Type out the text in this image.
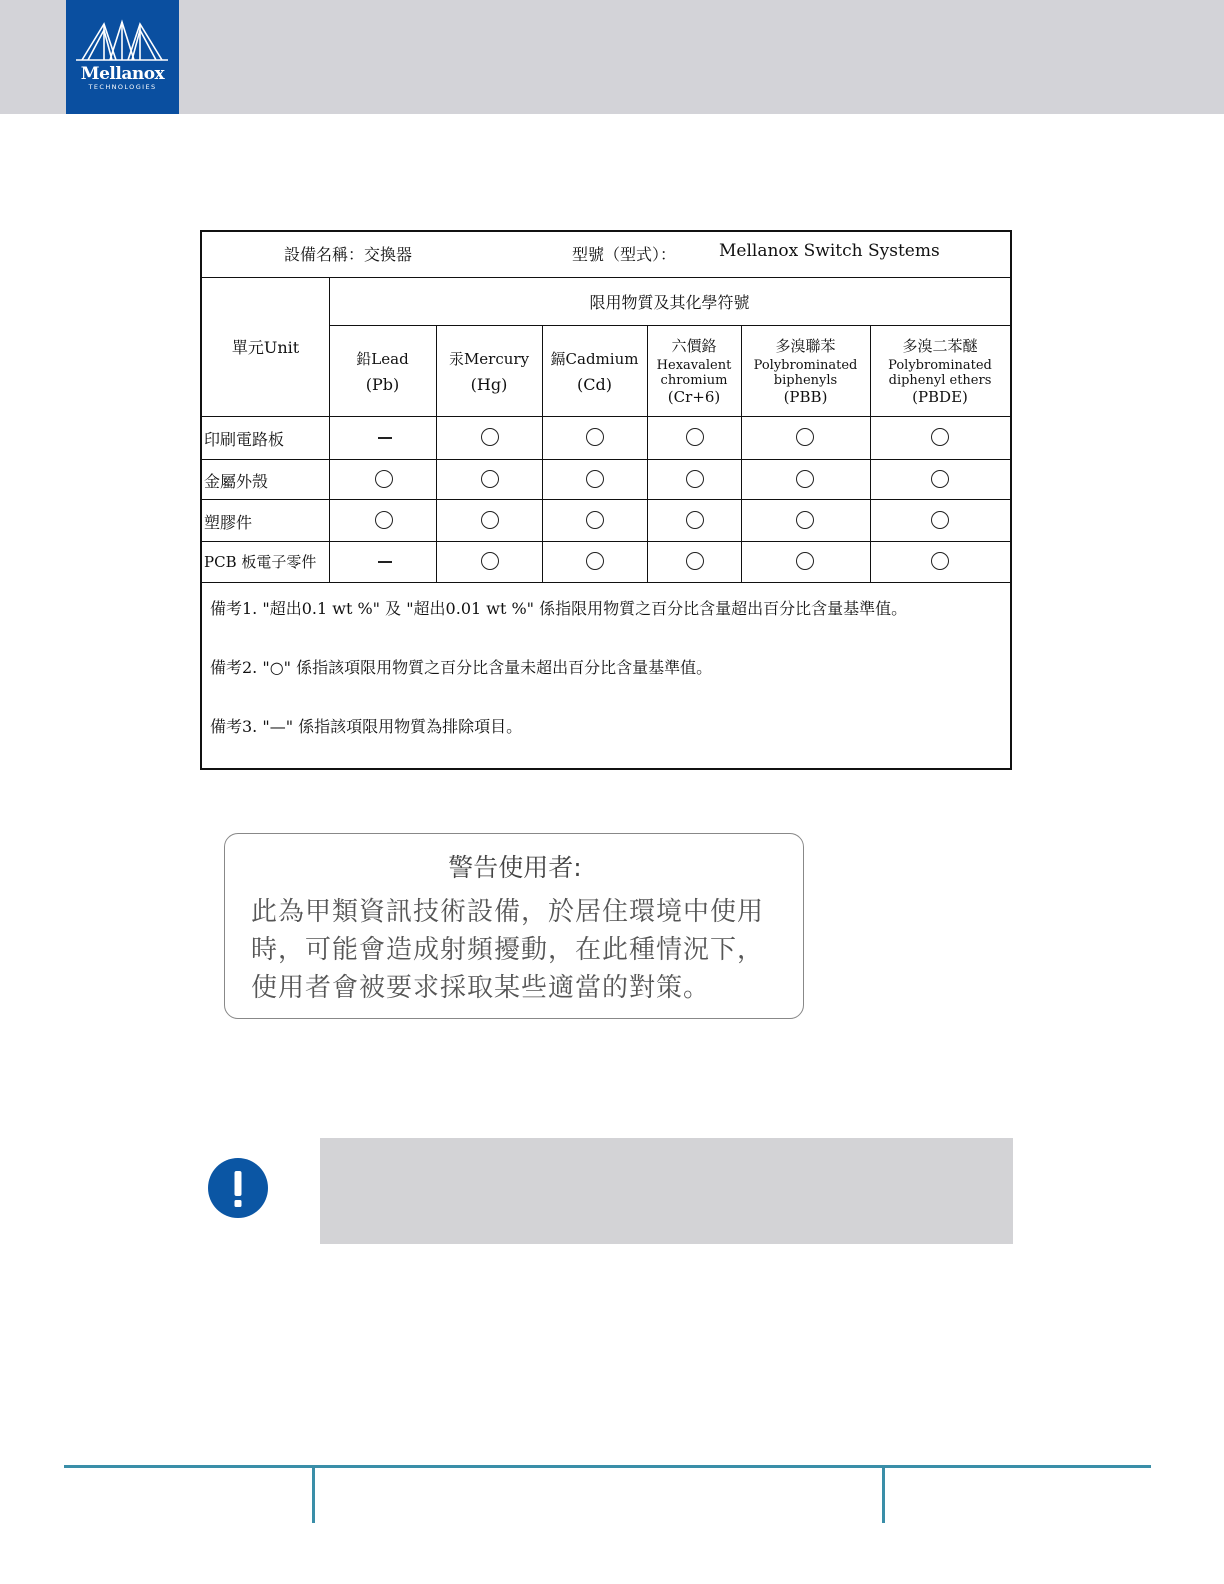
Mellanox
TECHNOLOGIES
設備名稱：交換器	型號（型式）：	Mellanox Switch Systems
單元Unit
限用物質及其化學符號
鉛Lead
(Pb)
汞Mercury
(Hg)
鎘Cadmium
(Cd)
六價鉻
Hexavalent
chromium
(Cr+6)
多溴聯苯
Polybrominated
biphenyls
(PBB)
多溴二苯醚
Polybrominated
diphenyl ethers
(PBDE)
印刷電路板
金屬外殼
塑膠件
PCB 板電子零件
備考1. "超出0.1 wt %" 及 "超出0.01 wt %" 係指限用物質之百分比含量超出百分比含量基準值。
備考2. "○" 係指該項限用物質之百分比含量未超出百分比含量基準值。
備考3. "—" 係指該項限用物質為排除項目。
警告使用者:
此為甲類資訊技術設備，於居住環境中使用
時，可能會造成射頻擾動，在此種情況下，
使用者會被要求採取某些適當的對策。
